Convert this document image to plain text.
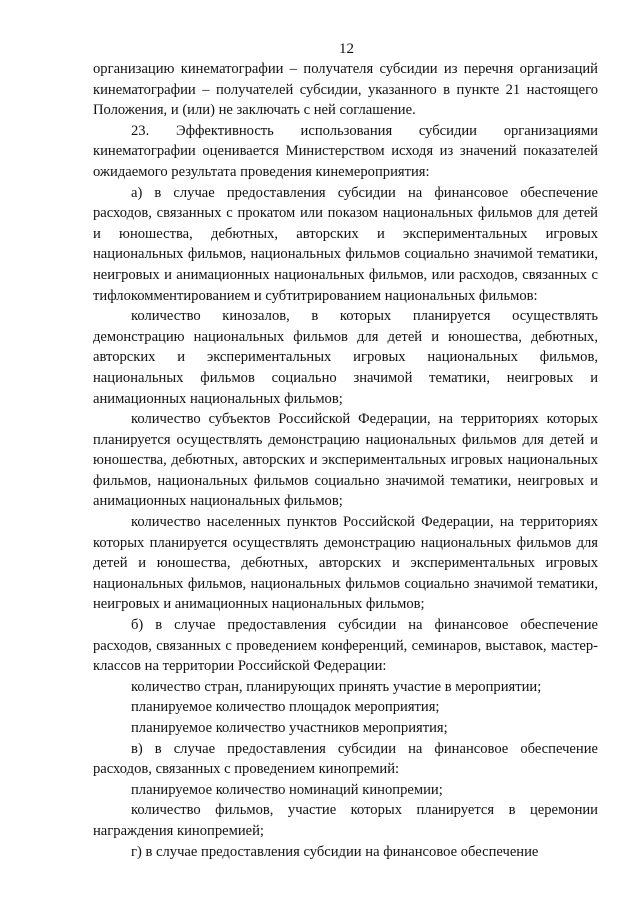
12

организацию кинематографии – получателя субсидии из перечня организаций кинематографии – получателей субсидии, указанного в пункте 21 настоящего Положения, и (или) не заключать с ней соглашение.

23. Эффективность использования субсидии организациями кинематографии оценивается Министерством исходя из значений показателей ожидаемого результата проведения кинемероприятия:

а) в случае предоставления субсидии на финансовое обеспечение расходов, связанных с прокатом или показом национальных фильмов для детей и юношества, дебютных, авторских и экспериментальных игровых национальных фильмов, национальных фильмов социально значимой тематики, неигровых и анимационных национальных фильмов, или расходов, связанных с тифлокомментированием и субтитрированием национальных фильмов:

количество кинозалов, в которых планируется осуществлять демонстрацию национальных фильмов для детей и юношества, дебютных, авторских и экспериментальных игровых национальных фильмов, национальных фильмов социально значимой тематики, неигровых и анимационных национальных фильмов;

количество субъектов Российской Федерации, на территориях которых планируется осуществлять демонстрацию национальных фильмов для детей и юношества, дебютных, авторских и экспериментальных игровых национальных фильмов, национальных фильмов социально значимой тематики, неигровых и анимационных национальных фильмов;

количество населенных пунктов Российской Федерации, на территориях которых планируется осуществлять демонстрацию национальных фильмов для детей и юношества, дебютных, авторских и экспериментальных игровых национальных фильмов, национальных фильмов социально значимой тематики, неигровых и анимационных национальных фильмов;

б) в случае предоставления субсидии на финансовое обеспечение расходов, связанных с проведением конференций, семинаров, выставок, мастер-классов на территории Российской Федерации:

количество стран, планирующих принять участие в мероприятии;

планируемое количество площадок мероприятия;

планируемое количество участников мероприятия;

в) в случае предоставления субсидии на финансовое обеспечение расходов, связанных с проведением кинопремий:

планируемое количество номинаций кинопремии;

количество фильмов, участие которых планируется в церемонии награждения кинопремией;

г) в случае предоставления субсидии на финансовое обеспечение
